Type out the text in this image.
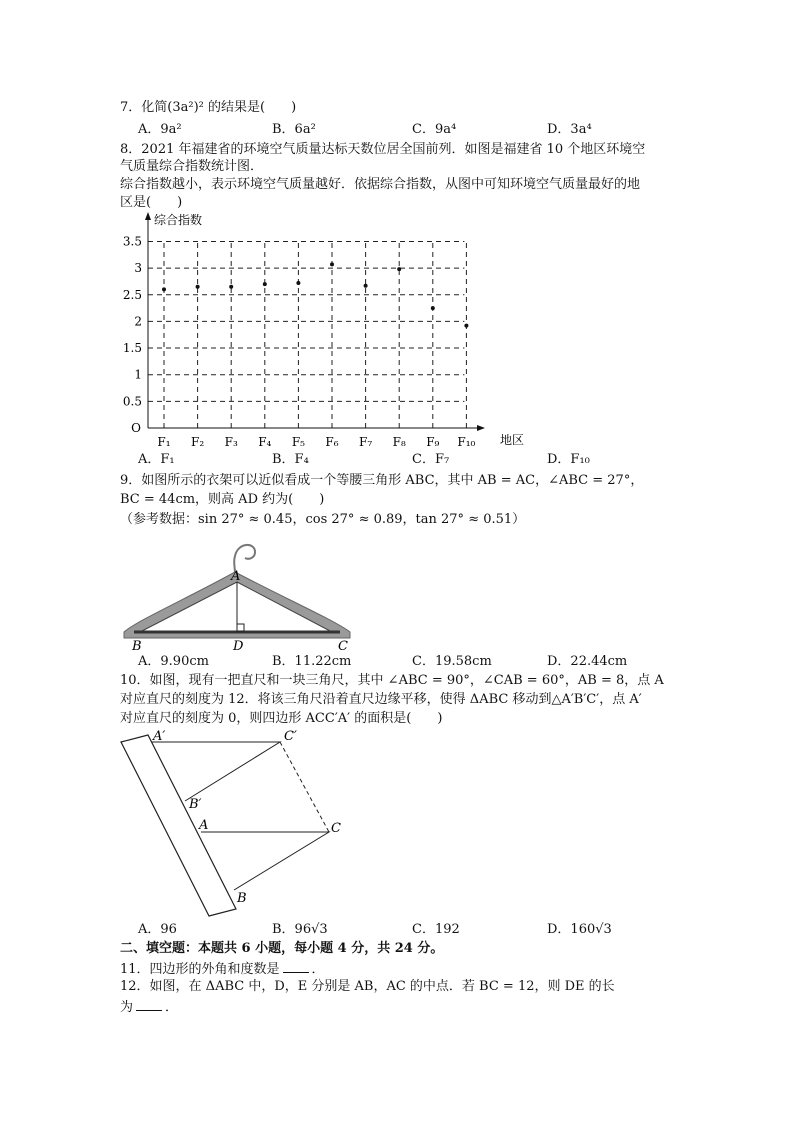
7．化简(3a²)² 的结果是(　　)
A．9a²	B．6a²	C．9a⁴	D．3a⁴
8．2021 年福建省的环境空气质量达标天数位居全国前列．如图是福建省 10 个地区环境空
气质量综合指数统计图．
综合指数越小，表示环境空气质量越好．依据综合指数，从图中可知环境空气质量最好的地
区是(　　)
综合指数
地区
O
0.5
1
1.5
2
2.5
3
3.5
F₁ F₂ F₃ F₄ F₅ F₆ F₇ F₈ F₉ F₁₀
A．F₁	B．F₄	C．F₇	D．F₁₀
9．如图所示的衣架可以近似看成一个等腰三角形 ABC，其中 AB = AC，∠ABC = 27°，
BC = 44cm，则高 AD 约为(　　)
（参考数据：sin 27° ≈ 0.45，cos 27° ≈ 0.89，tan 27° ≈ 0.51）
A
B	D	C
A．9.90cm	B．11.22cm	C．19.58cm	D．22.44cm
10．如图，现有一把直尺和一块三角尺，其中 ∠ABC = 90°，∠CAB = 60°，AB = 8，点 A
对应直尺的刻度为 12．将该三角尺沿着直尺边缘平移，使得 ΔABC 移动到△A′B′C′，点 A′
对应直尺的刻度为 0，则四边形 ACC′A′ 的面积是(　　)
A′	C′
B′
A	C
B
A．96	B．96√3	C．192	D．160√3
二、填空题：本题共 6 小题，每小题 4 分，共 24 分。
11．四边形的外角和度数是 ．
12．如图，在 ΔABC 中，D，E 分别是 AB，AC 的中点．若 BC = 12，则 DE 的长
为 ．
